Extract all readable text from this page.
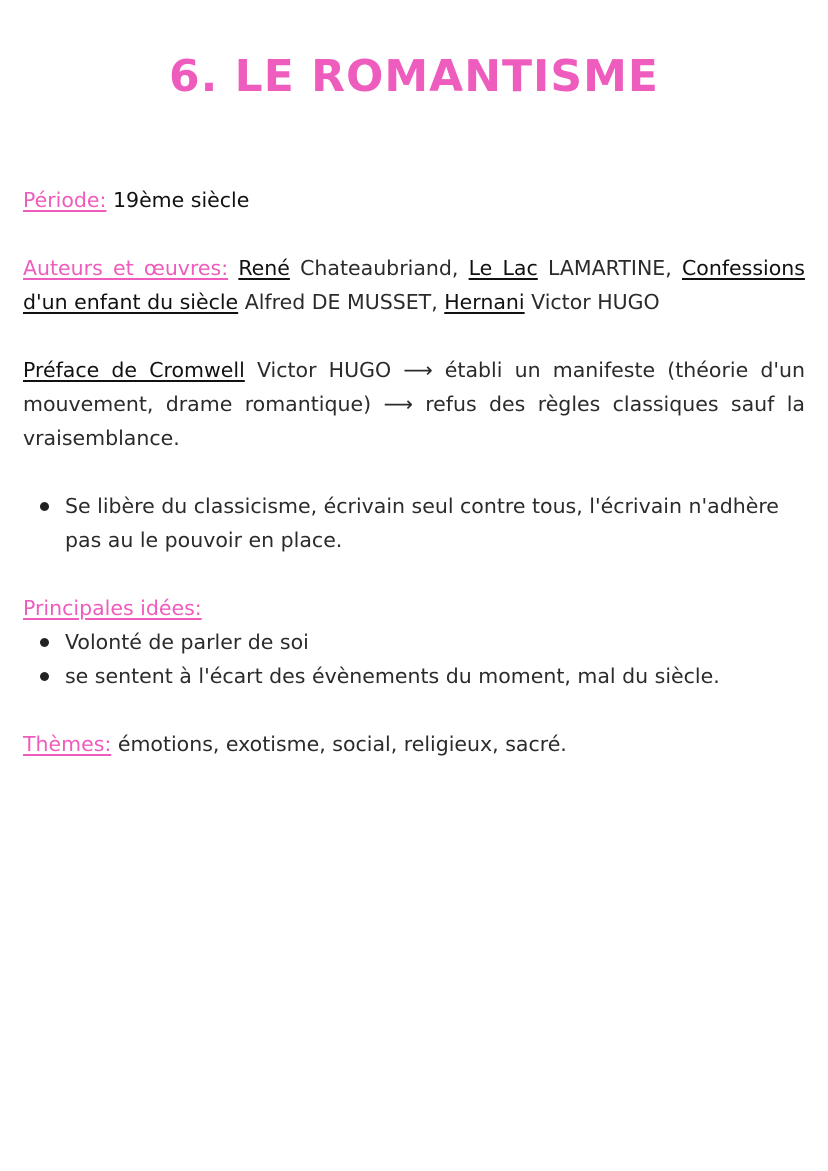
6. LE ROMANTISME

Période: 19ème siècle

Auteurs et œuvres: René Chateaubriand, Le Lac LAMARTINE, Confessions d'un enfant du siècle Alfred DE MUSSET, Hernani Victor HUGO

Préface de Cromwell Victor HUGO ⟶ établi un manifeste (théorie d'un mouvement, drame romantique) ⟶ refus des règles classiques sauf la vraisemblance.

Se libère du classicisme, écrivain seul contre tous, l'écrivain n'adhère pas au le pouvoir en place.

Principales idées:

Volonté de parler de soi
se sentent à l'écart des évènements du moment, mal du siècle.

Thèmes: émotions, exotisme, social, religieux, sacré.
